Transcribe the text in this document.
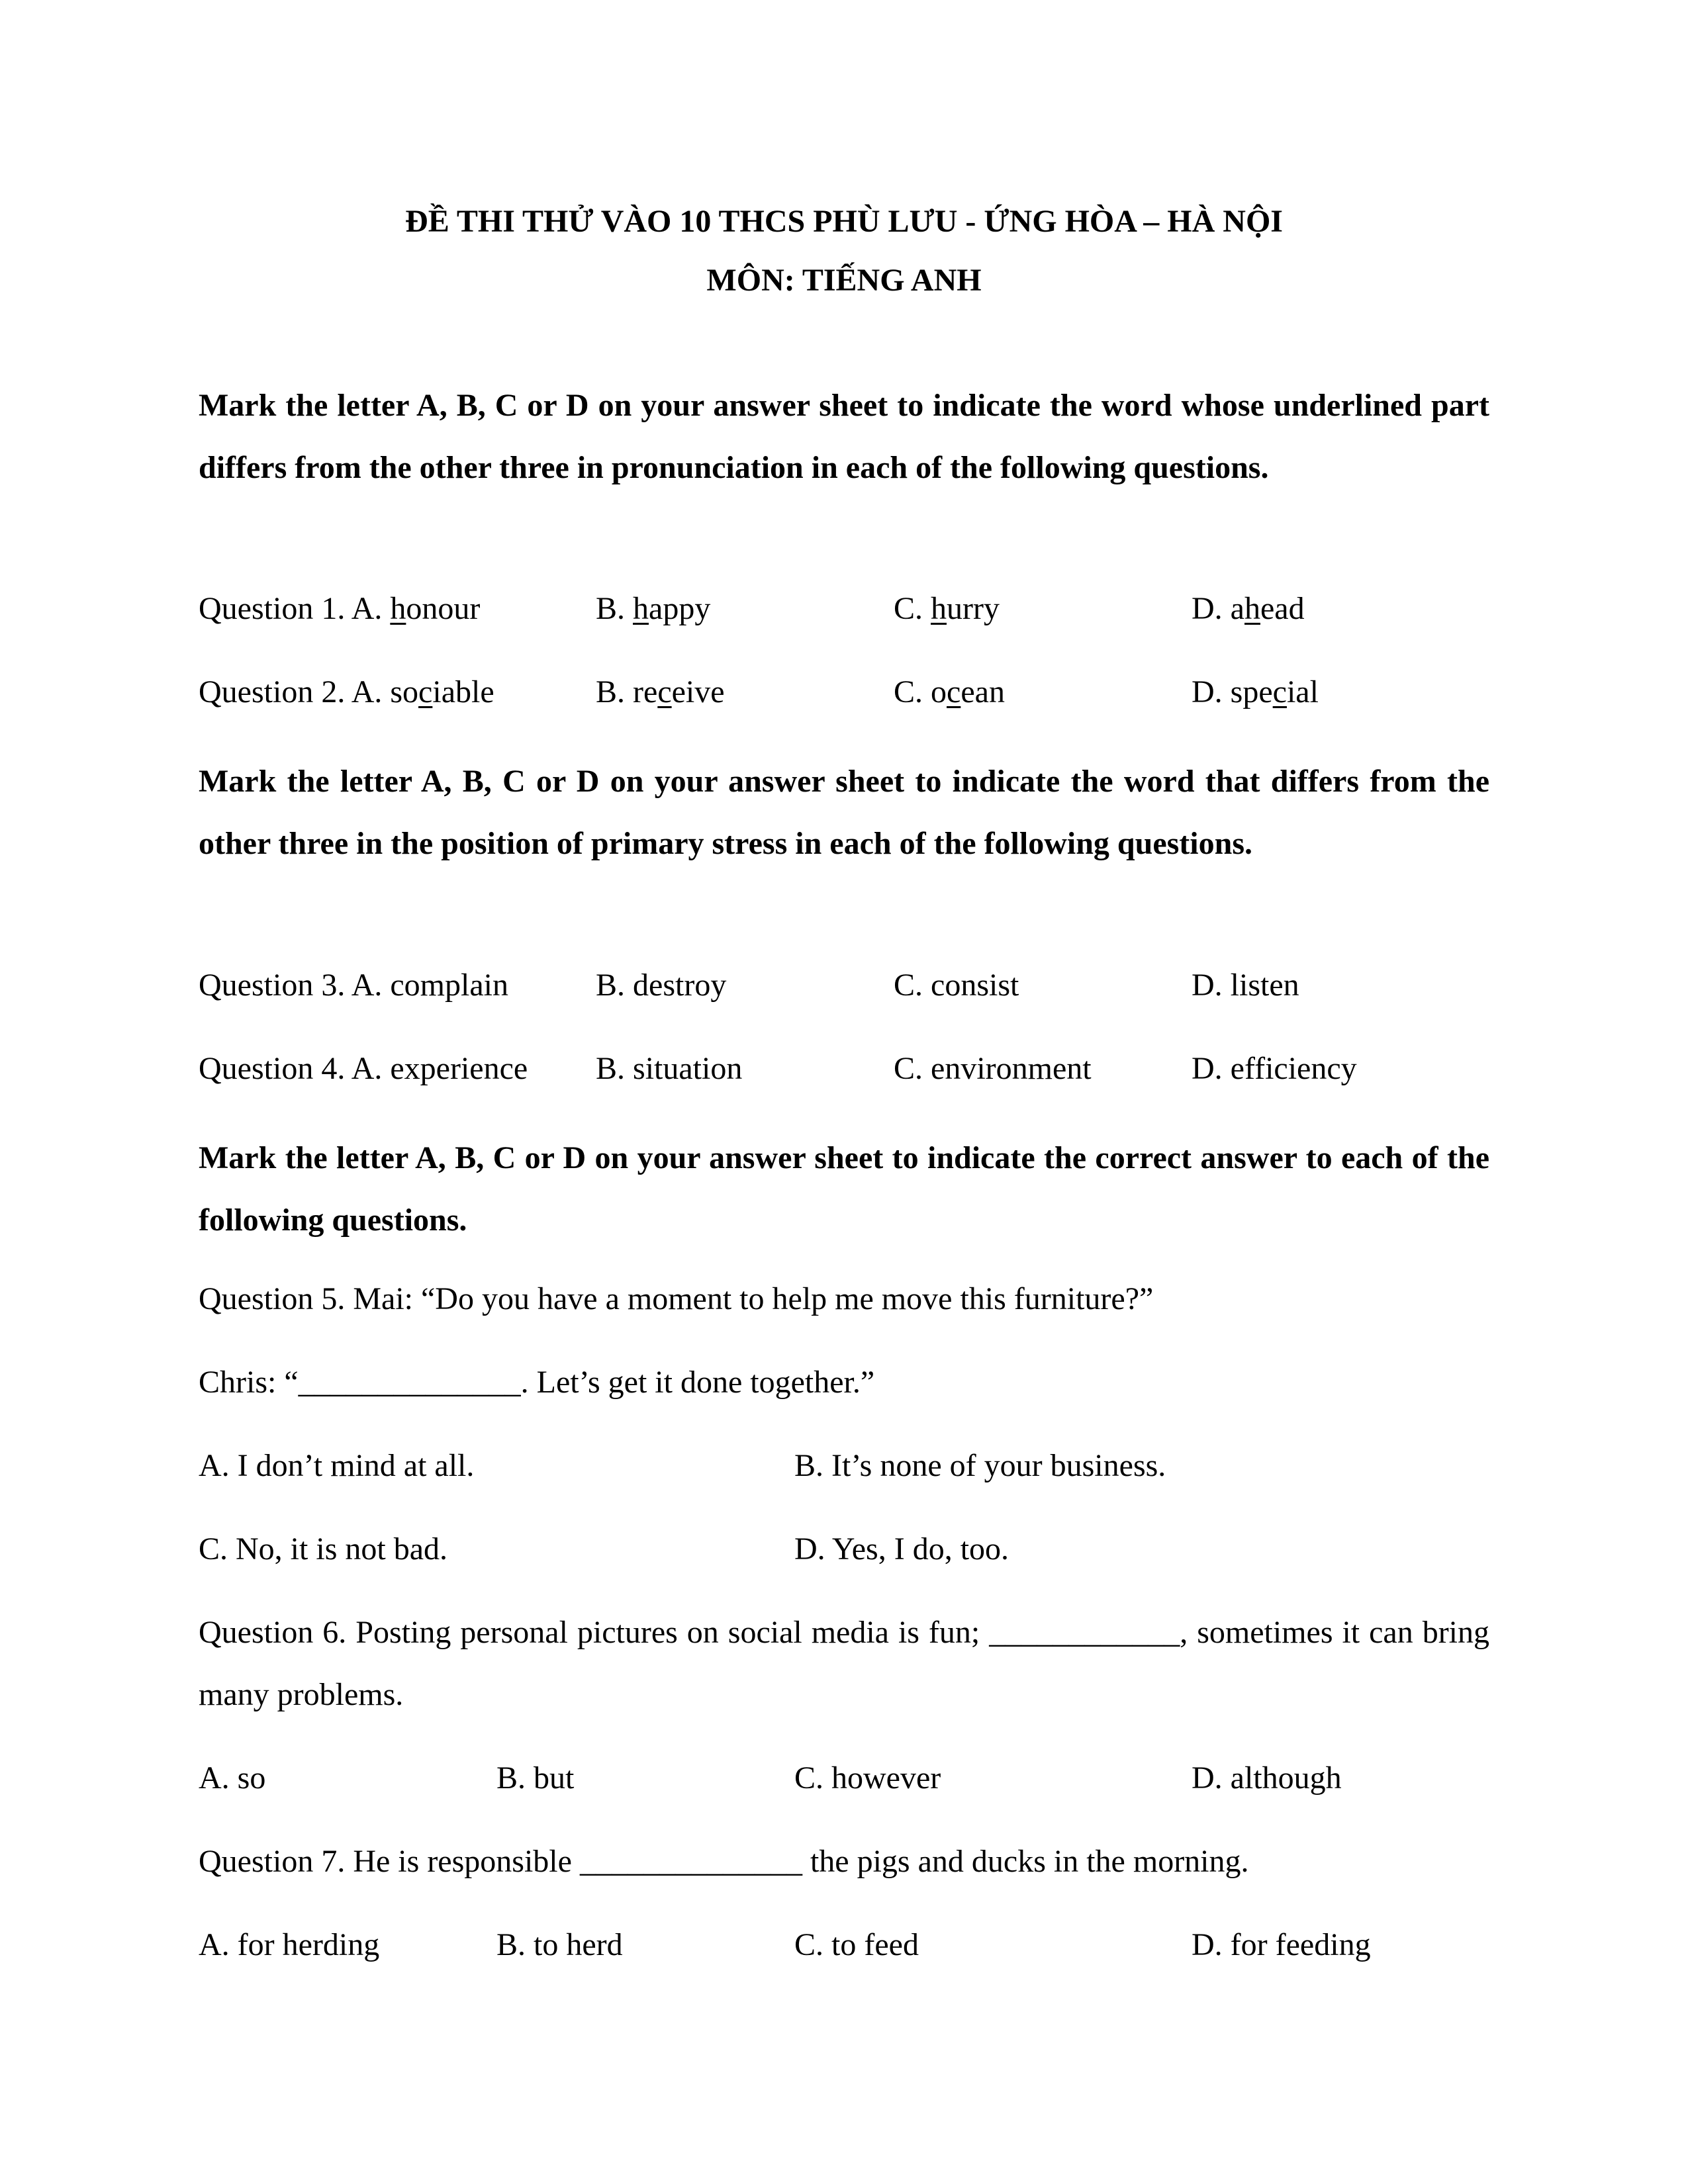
ĐỀ THI THỬ VÀO 10 THCS PHÙ LƯU - ỨNG HÒA – HÀ NỘI
MÔN: TIẾNG ANH
Mark the letter A, B, C or D on your answer sheet to indicate the word whose underlined part differs from the other three in pronunciation in each of the following questions.
Question 1. A. honour	B. happy	C. hurry	D. ahead
Question 2. A. sociable	B. receive	C. ocean	D. special
Mark the letter A, B, C or D on your answer sheet to indicate the word that differs from the other three in the position of primary stress in each of the following questions.
Question 3. A. complain	B. destroy	C. consist	D. listen
Question 4. A. experience B. situation	C. environment	D. efficiency
Mark the letter A, B, C or D on your answer sheet to indicate the correct answer to each of the following questions.
Question 5. Mai: “Do you have a moment to help me move this furniture?”
Chris: “______________. Let’s get it done together.”
A. I don’t mind at all.	B. It’s none of your business.
C. No, it is not bad.	D. Yes, I do, too.
Question 6. Posting personal pictures on social media is fun; ____________, sometimes it can bring many problems.
A. so	B. but	C. however	D. although
Question 7. He is responsible ______________ the pigs and ducks in the morning.
A. for herding	B. to herd	C. to feed	D. for feeding
